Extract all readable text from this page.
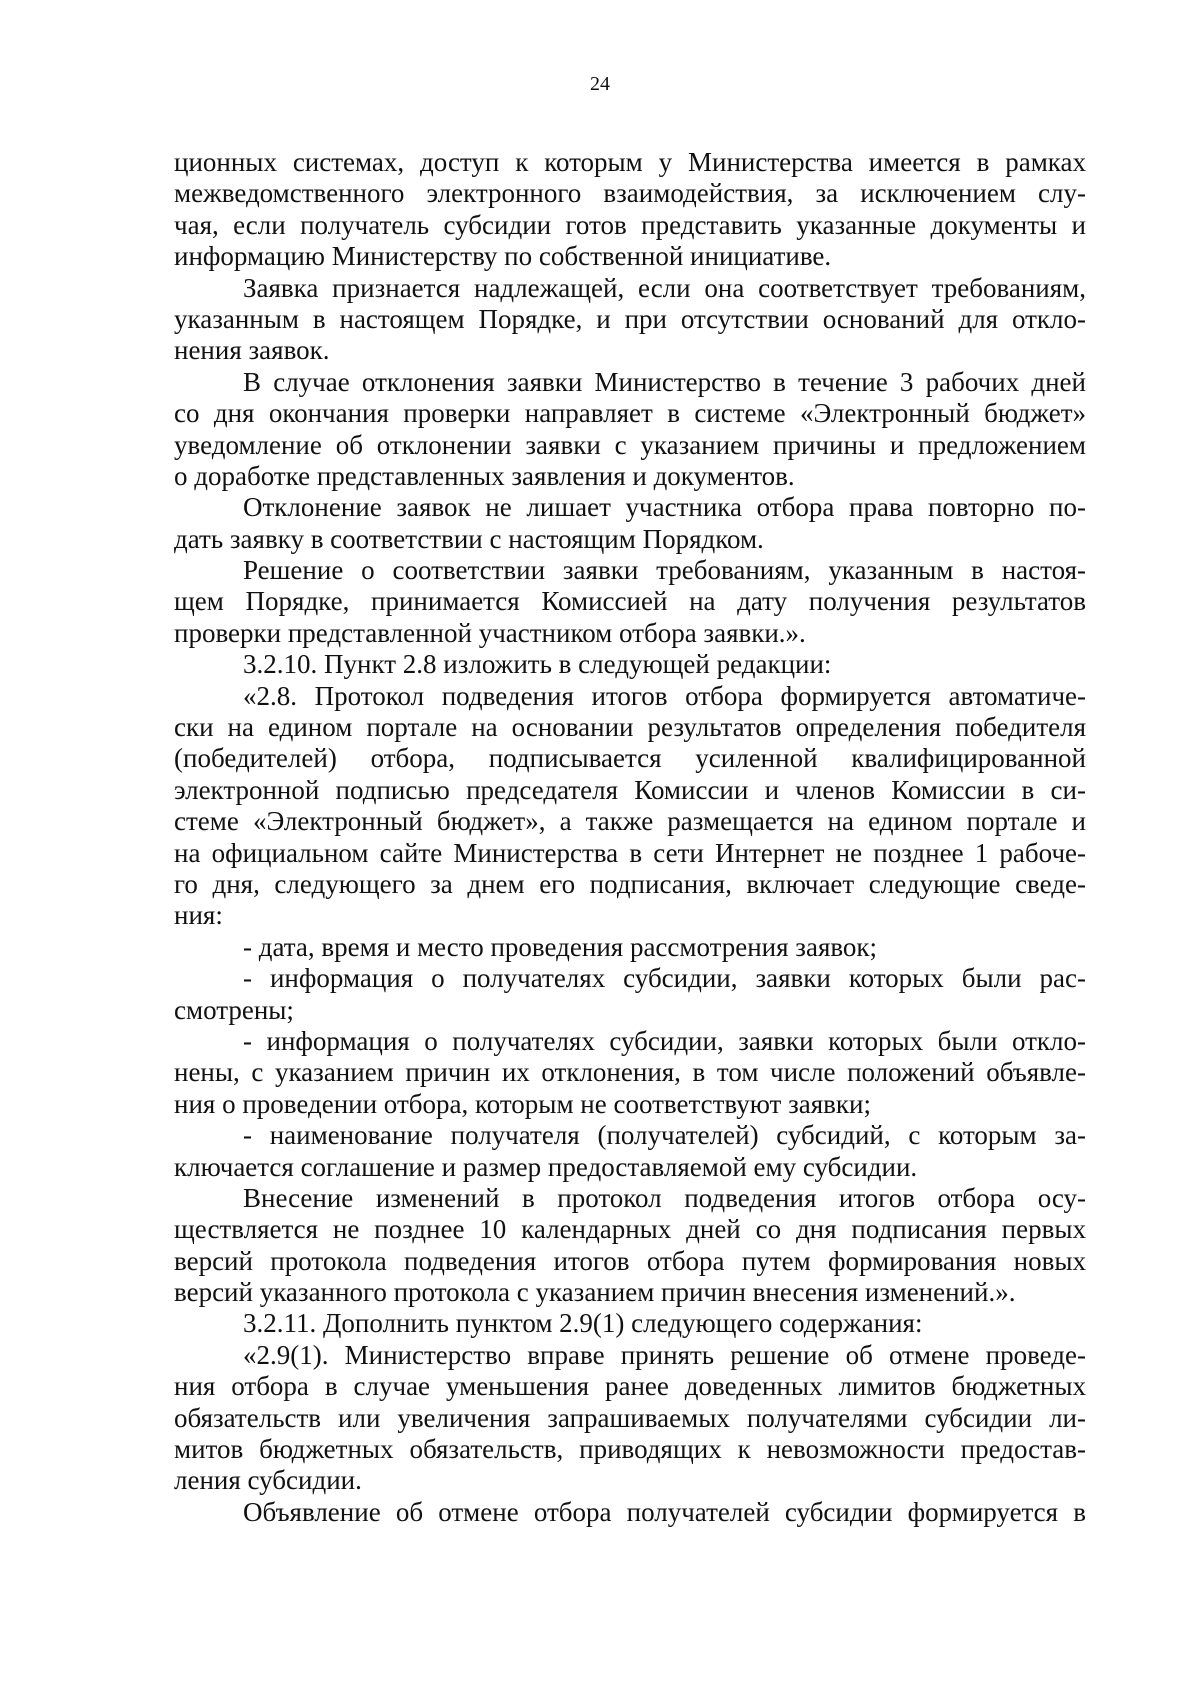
24
ционных системах, доступ к которым у Министерства имеется в рамках
межведомственного электронного взаимодействия, за исключением слу-
чая, если получатель субсидии готов представить указанные документы и
информацию Министерству по собственной инициативе.
Заявка признается надлежащей, если она соответствует требованиям,
указанным в настоящем Порядке, и при отсутствии оснований для откло-
нения заявок.
В случае отклонения заявки Министерство в течение 3 рабочих дней
со дня окончания проверки направляет в системе «Электронный бюджет»
уведомление об отклонении заявки с указанием причины и предложением
о доработке представленных заявления и документов.
Отклонение заявок не лишает участника отбора права повторно по-
дать заявку в соответствии с настоящим Порядком.
Решение о соответствии заявки требованиям, указанным в настоя-
щем Порядке, принимается Комиссией на дату получения результатов
проверки представленной участником отбора заявки.».
3.2.10. Пункт 2.8 изложить в следующей редакции:
«2.8. Протокол подведения итогов отбора формируется автоматиче-
ски на едином портале на основании результатов определения победителя
(победителей) отбора, подписывается усиленной квалифицированной
электронной подписью председателя Комиссии и членов Комиссии в си-
стеме «Электронный бюджет», а также размещается на едином портале и
на официальном сайте Министерства в сети Интернет не позднее 1 рабоче-
го дня, следующего за днем его подписания, включает следующие сведе-
ния:
- дата, время и место проведения рассмотрения заявок;
- информация о получателях субсидии, заявки которых были рас-
смотрены;
- информация о получателях субсидии, заявки которых были откло-
нены, с указанием причин их отклонения, в том числе положений объявле-
ния о проведении отбора, которым не соответствуют заявки;
- наименование получателя (получателей) субсидий, с которым за-
ключается соглашение и размер предоставляемой ему субсидии.
Внесение изменений в протокол подведения итогов отбора осу-
ществляется не позднее 10 календарных дней со дня подписания первых
версий протокола подведения итогов отбора путем формирования новых
версий указанного протокола с указанием причин внесения изменений.».
3.2.11. Дополнить пунктом 2.9(1) следующего содержания:
«2.9(1). Министерство вправе принять решение об отмене проведе-
ния отбора в случае уменьшения ранее доведенных лимитов бюджетных
обязательств или увеличения запрашиваемых получателями субсидии ли-
митов бюджетных обязательств, приводящих к невозможности предостав-
ления субсидии.
Объявление об отмене отбора получателей субсидии формируется в
